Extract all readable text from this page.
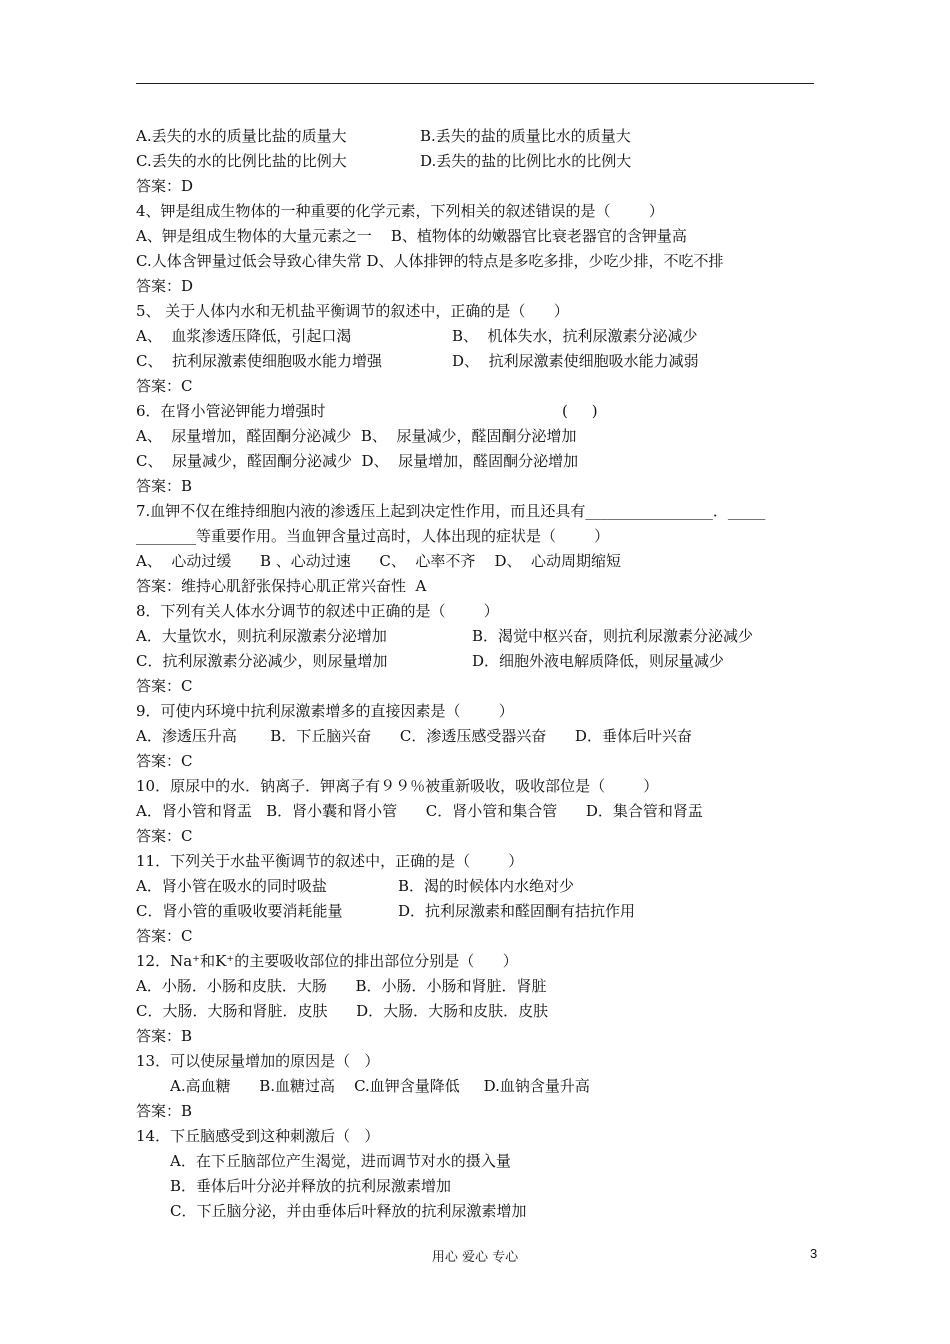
A.丢失的水的质量比盐的质量大	B.丢失的盐的质量比水的质量大
C.丢失的水的比例比盐的比例大	D.丢失的盐的比例比水的比例大
答案：D
4、钾是组成生物体的一种重要的化学元素，下列相关的叙述错误的是（        ）
A、钾是组成生物体的大量元素之一    B、植物体的幼嫩器官比衰老器官的含钾量高
C.人体含钾量过低会导致心律失常 D、人体排钾的特点是多吃多排，少吃少排，不吃不排
答案：D
5、 关于人体内水和无机盐平衡调节的叙述中，正确的是（      ）
A、  血浆渗透压降低，引起口渴	B、  机体失水，抗利尿激素分泌减少
C、  抗利尿激素使细胞吸水能力增强	D、  抗利尿激素使细胞吸水能力减弱
答案：C
6．在肾小管泌钾能力增强时	(     )
A、  尿量增加，醛固酮分泌减少  B、  尿量减少，醛固酮分泌增加
C、  尿量减少，醛固酮分泌减少  D、  尿量增加，醛固酮分泌增加
答案：B
7.血钾不仅在维持细胞内液的渗透压上起到决定性作用，而且还具有_________________．_____
________等重要作用。当血钾含量过高时，人体出现的症状是（        ）
A、  心动过缓      B 、心动过速      C、  心率不齐    D、  心动周期缩短
答案：维持心肌舒张保持心肌正常兴奋性  A
8．下列有关人体水分调节的叙述中正确的是（        ）
A．大量饮水，则抗利尿激素分泌增加	B．渴觉中枢兴奋，则抗利尿激素分泌减少
C．抗利尿激素分泌减少，则尿量增加	D．细胞外液电解质降低，则尿量减少
答案：C
9．可使内环境中抗利尿激素增多的直接因素是（        ）
A．渗透压升高       B．下丘脑兴奋      C．渗透压感受器兴奋      D．垂体后叶兴奋
答案：C
10．原尿中的水．钠离子．钾离子有９９％被重新吸收，吸收部位是（        ）
A．肾小管和肾盂   B．肾小囊和肾小管      C．肾小管和集合管      D．集合管和肾盂
答案：C
11．下列关于水盐平衡调节的叙述中，正确的是（        ）
A．肾小管在吸水的同时吸盐	B．渴的时候体内水绝对少
C．肾小管的重吸收要消耗能量	D．抗利尿激素和醛固酮有拮抗作用
答案：C
12．Na⁺和K⁺的主要吸收部位的排出部位分别是（      ）
A．小肠．小肠和皮肤．大肠      B．小肠．小肠和肾脏．肾脏
C．大肠．大肠和肾脏．皮肤      D．大肠．大肠和皮肤．皮肤
答案：B
13．可以使尿量增加的原因是（   ）
A.高血糖      B.血糖过高    C.血钾含量降低     D.血钠含量升高
答案：B
14．下丘脑感受到这种刺激后（   ）
A．在下丘脑部位产生渴觉，进而调节对水的摄入量
B．垂体后叶分泌并释放的抗利尿激素增加
C．下丘脑分泌，并由垂体后叶释放的抗利尿激素增加
用心 爱心 专心	3
